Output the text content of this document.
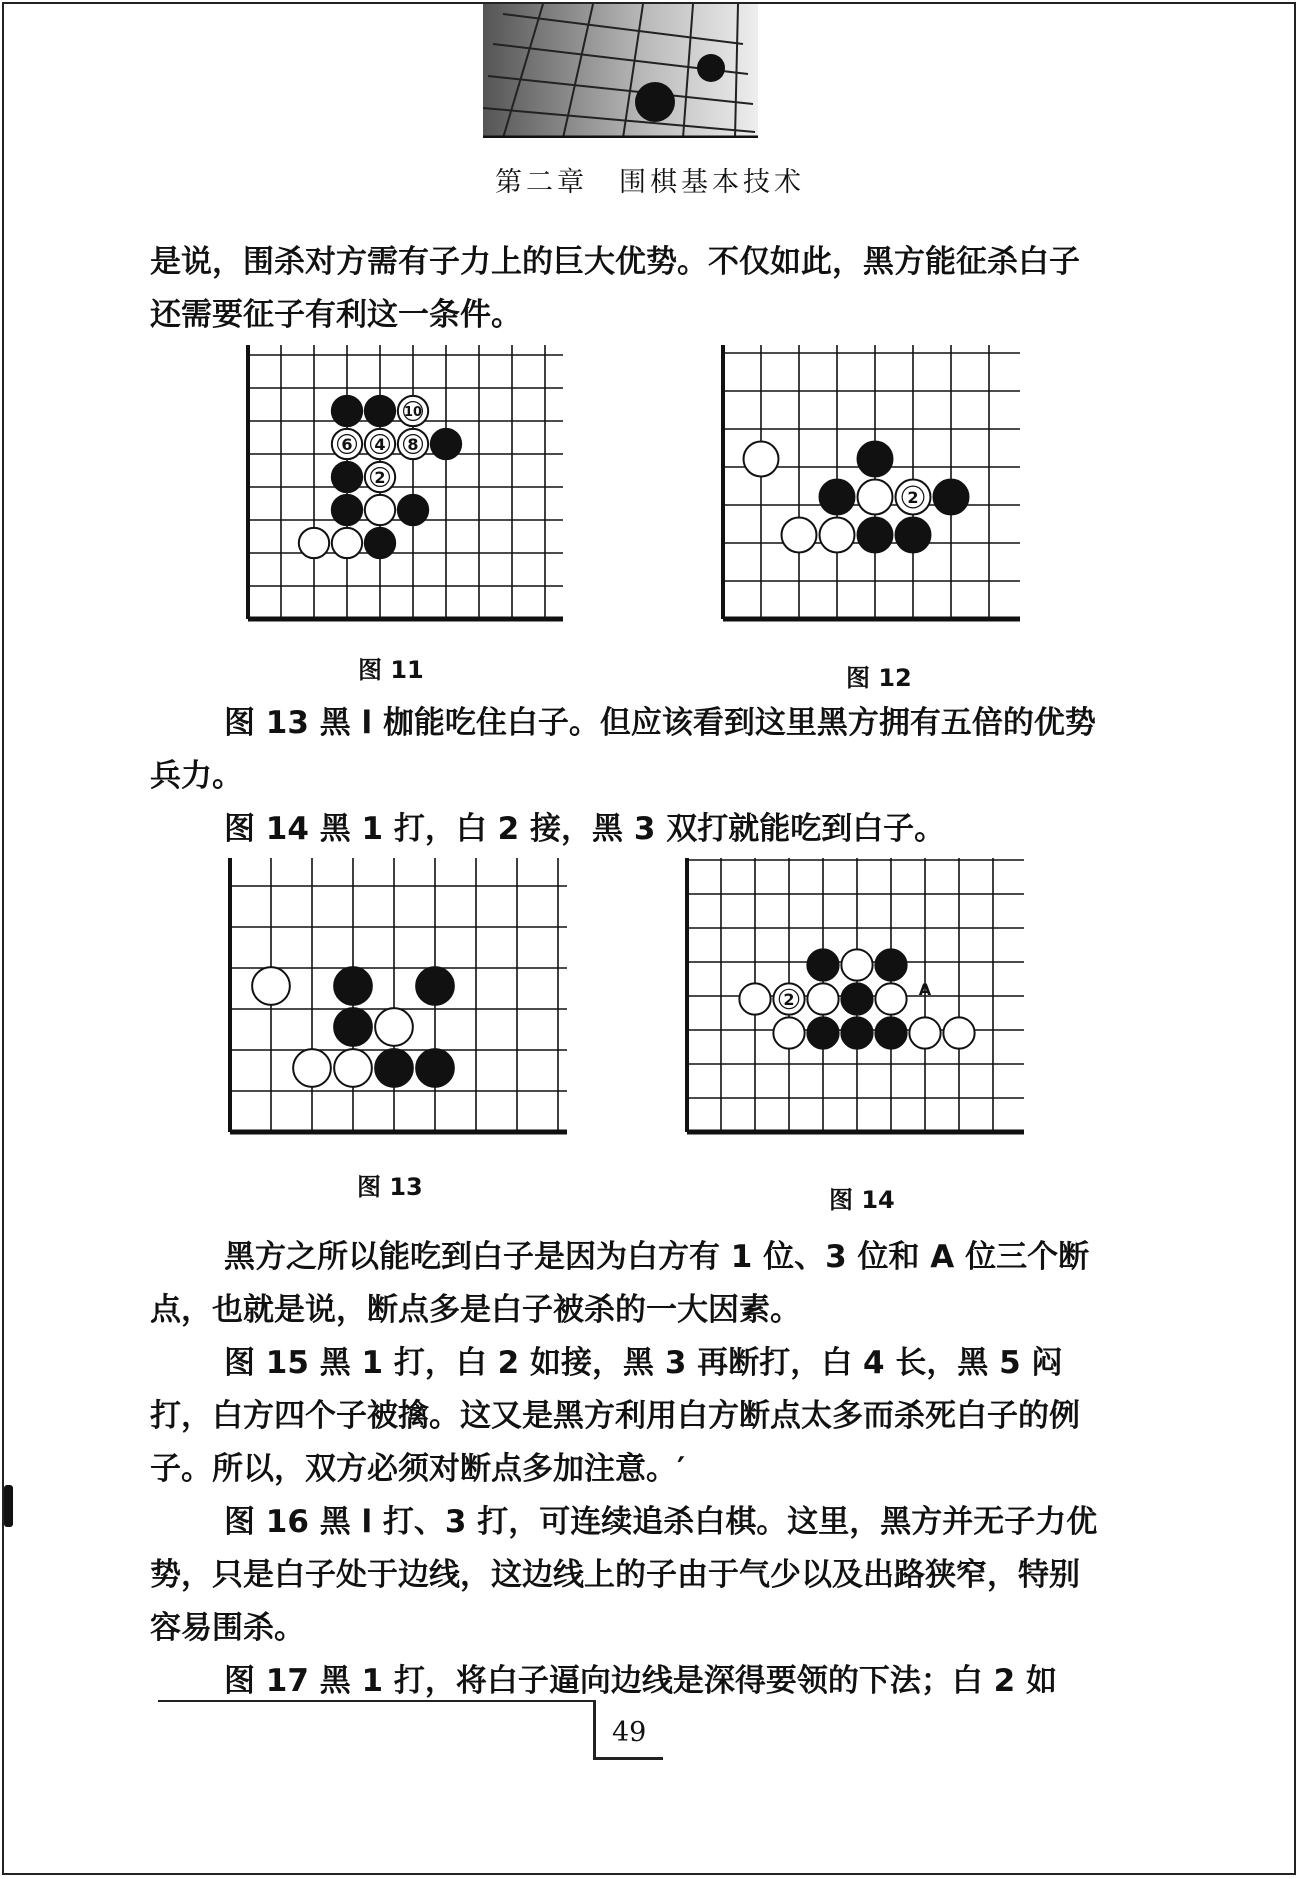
第二章　围棋基本技术

是说，围杀对方需有子力上的巨大优势。不仅如此，黑方能征杀白子还需要征子有利这一条件。

10
6 4 8
2
图 11
2
图 12

图 13 黑 l 枷能吃住白子。但应该看到这里黑方拥有五倍的优势兵力。

图 14 黑 1 打，白 2 接，黑 3 双打就能吃到白子。

图 13
2
A
图 14

黑方之所以能吃到白子是因为白方有 1 位、3 位和 A 位三个断点，也就是说，断点多是白子被杀的一大因素。

图 15 黑 1 打，白 2 如接，黑 3 再断打，白 4 长，黑 5 闷打，白方四个子被擒。这又是黑方利用白方断点太多而杀死白子的例子。所以，双方必须对断点多加注意。′

图 16 黑 l 打、3 打，可连续追杀白棋。这里，黑方并无子力优势，只是白子处于边线，这边线上的子由于气少以及出路狭窄，特别容易围杀。

图 17 黑 1 打，将白子逼向边线是深得要领的下法；白 2 如

49
